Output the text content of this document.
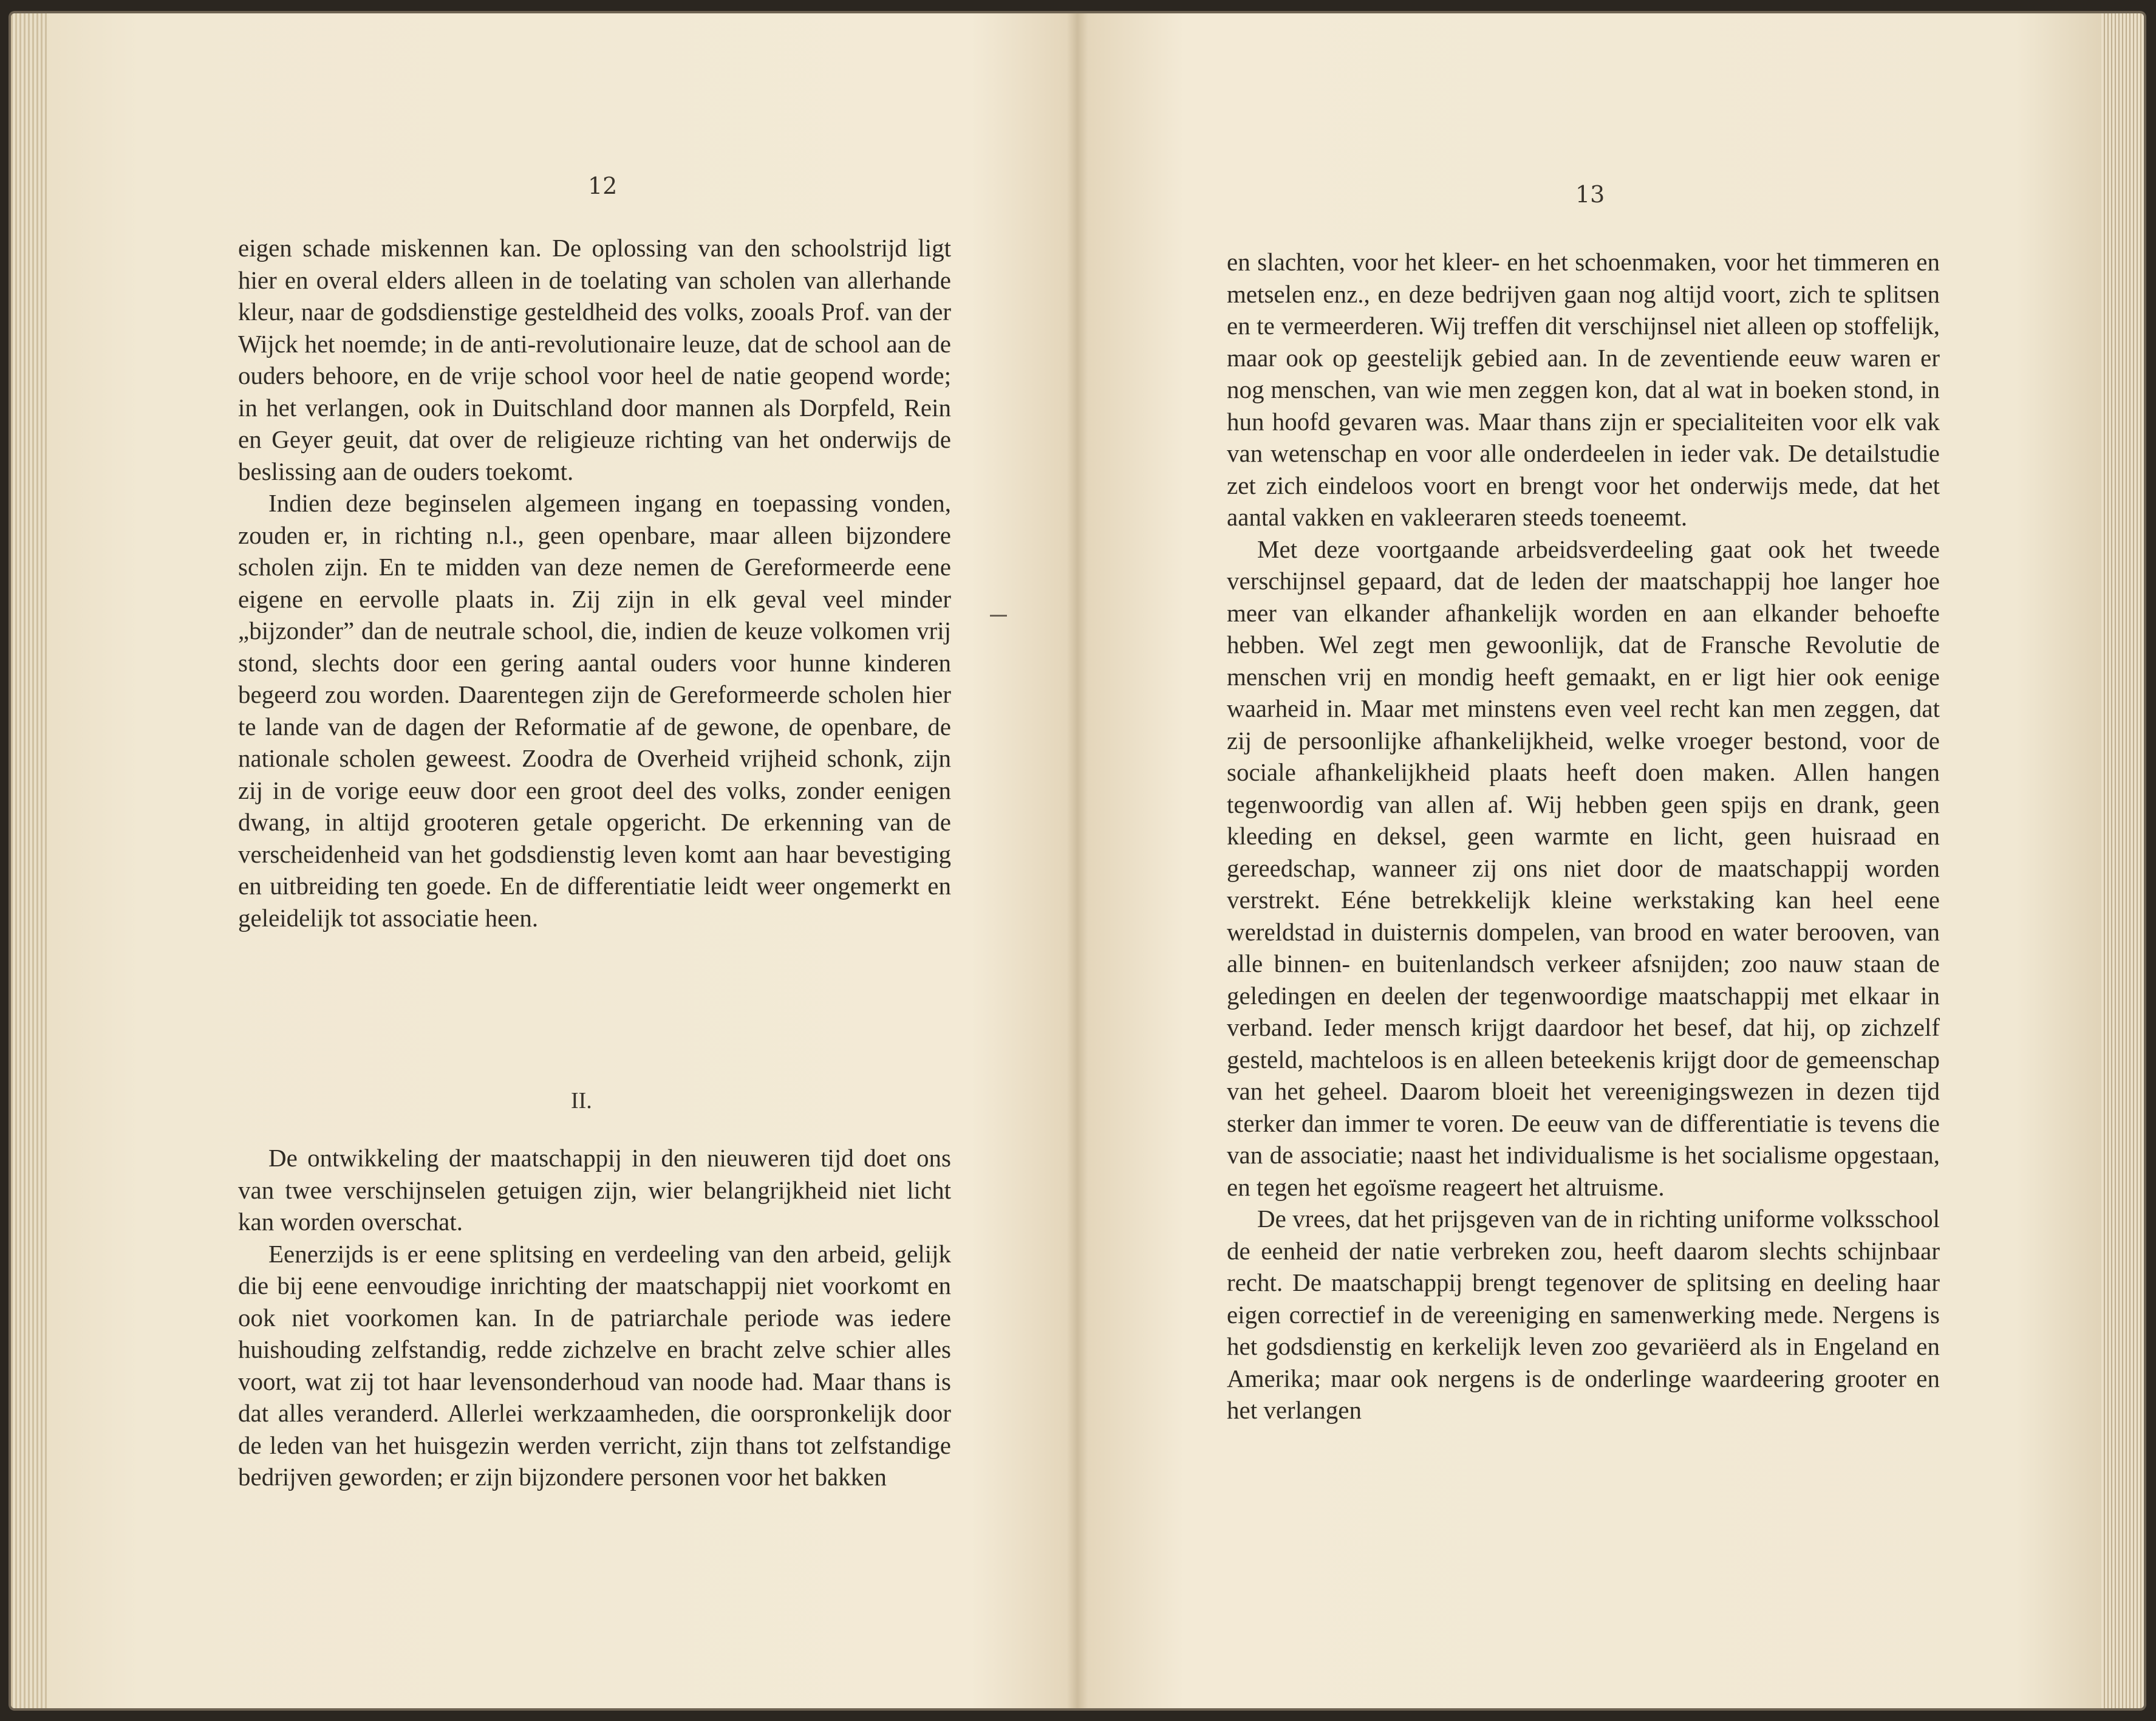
12

eigen schade miskennen kan. De oplossing van den schoolstrijd ligt hier en overal elders alleen in de toelating van scholen van allerhande kleur, naar de godsdienstige gesteldheid des volks, zooals Prof. van der Wijck het noemde; in de anti-revolutionaire leuze, dat de school aan de ouders behoore, en de vrije school voor heel de natie geopend worde; in het verlangen, ook in Duitschland door mannen als Dorpfeld, Rein en Geyer geuit, dat over de religieuze richting van het onderwijs de beslissing aan de ouders toekomt.

Indien deze beginselen algemeen ingang en toepassing vonden, zouden er, in richting n.l., geen openbare, maar alleen bijzondere scholen zijn. En te midden van deze nemen de Gereformeerde eene eigene en eervolle plaats in. Zij zijn in elk geval veel minder „bijzonder” dan de neutrale school, die, indien de keuze volkomen vrij stond, slechts door een gering aantal ouders voor hunne kinderen begeerd zou worden. Daarentegen zijn de Gereformeerde scholen hier te lande van de dagen der Reformatie af de gewone, de openbare, de nationale scholen geweest. Zoodra de Overheid vrijheid schonk, zijn zij in de vorige eeuw door een groot deel des volks, zonder eenigen dwang, in altijd grooteren getale opgericht. De erkenning van de verscheidenheid van het godsdienstig leven komt aan haar bevestiging en uitbreiding ten goede. En de differentiatie leidt weer ongemerkt en geleidelijk tot associatie heen.

II.

De ontwikkeling der maatschappij in den nieuweren tijd doet ons van twee verschijnselen getuigen zijn, wier belangrijkheid niet licht kan worden overschat.

Eenerzijds is er eene splitsing en verdeeling van den arbeid, gelijk die bij eene eenvoudige inrichting der maatschappij niet voorkomt en ook niet voorkomen kan. In de patriarchale periode was iedere huishouding zelfstandig, redde zichzelve en bracht zelve schier alles voort, wat zij tot haar levensonderhoud van noode had. Maar thans is dat alles veranderd. Allerlei werkzaamheden, die oorspronkelijk door de leden van het huisgezin werden verricht, zijn thans tot zelfstandige bedrijven geworden; er zijn bijzondere personen voor het bakken

13

en slachten, voor het kleer- en het schoenmaken, voor het timmeren en metselen enz., en deze bedrijven gaan nog altijd voort, zich te splitsen en te vermeerderen. Wij treffen dit verschijnsel niet alleen op stoffelijk, maar ook op geestelijk gebied aan. In de zeventiende eeuw waren er nog menschen, van wie men zeggen kon, dat al wat in boeken stond, in hun hoofd gevaren was. Maar thans zijn er specialiteiten voor elk vak van wetenschap en voor alle onderdeelen in ieder vak. De detailstudie zet zich eindeloos voort en brengt voor het onderwijs mede, dat het aantal vakken en vakleeraren steeds toeneemt.

Met deze voortgaande arbeidsverdeeling gaat ook het tweede verschijnsel gepaard, dat de leden der maatschappij hoe langer hoe meer van elkander afhankelijk worden en aan elkander behoefte hebben. Wel zegt men gewoonlijk, dat de Fransche Revolutie de menschen vrij en mondig heeft gemaakt, en er ligt hier ook eenige waarheid in. Maar met minstens even veel recht kan men zeggen, dat zij de persoonlijke afhankelijkheid, welke vroeger bestond, voor de sociale afhankelijkheid plaats heeft doen maken. Allen hangen tegenwoordig van allen af. Wij hebben geen spijs en drank, geen kleeding en deksel, geen warmte en licht, geen huisraad en gereedschap, wanneer zij ons niet door de maatschappij worden verstrekt. Eéne betrekkelijk kleine werkstaking kan heel eene wereldstad in duisternis dompelen, van brood en water berooven, van alle binnen- en buitenlandsch verkeer afsnijden; zoo nauw staan de geledingen en deelen der tegenwoordige maatschappij met elkaar in verband. Ieder mensch krijgt daardoor het besef, dat hij, op zichzelf gesteld, machteloos is en alleen beteekenis krijgt door de gemeenschap van het geheel. Daarom bloeit het vereenigingswezen in dezen tijd sterker dan immer te voren. De eeuw van de differentiatie is tevens die van de associatie; naast het individualisme is het socialisme opgestaan, en tegen het egoïsme reageert het altruisme.

De vrees, dat het prijsgeven van de in richting uniforme volksschool de eenheid der natie verbreken zou, heeft daarom slechts schijnbaar recht. De maatschappij brengt tegenover de splitsing en deeling haar eigen correctief in de vereeniging en samenwerking mede. Nergens is het godsdienstig en kerkelijk leven zoo gevariëerd als in Engeland en Amerika; maar ook nergens is de onderlinge waardeering grooter en het verlangen
